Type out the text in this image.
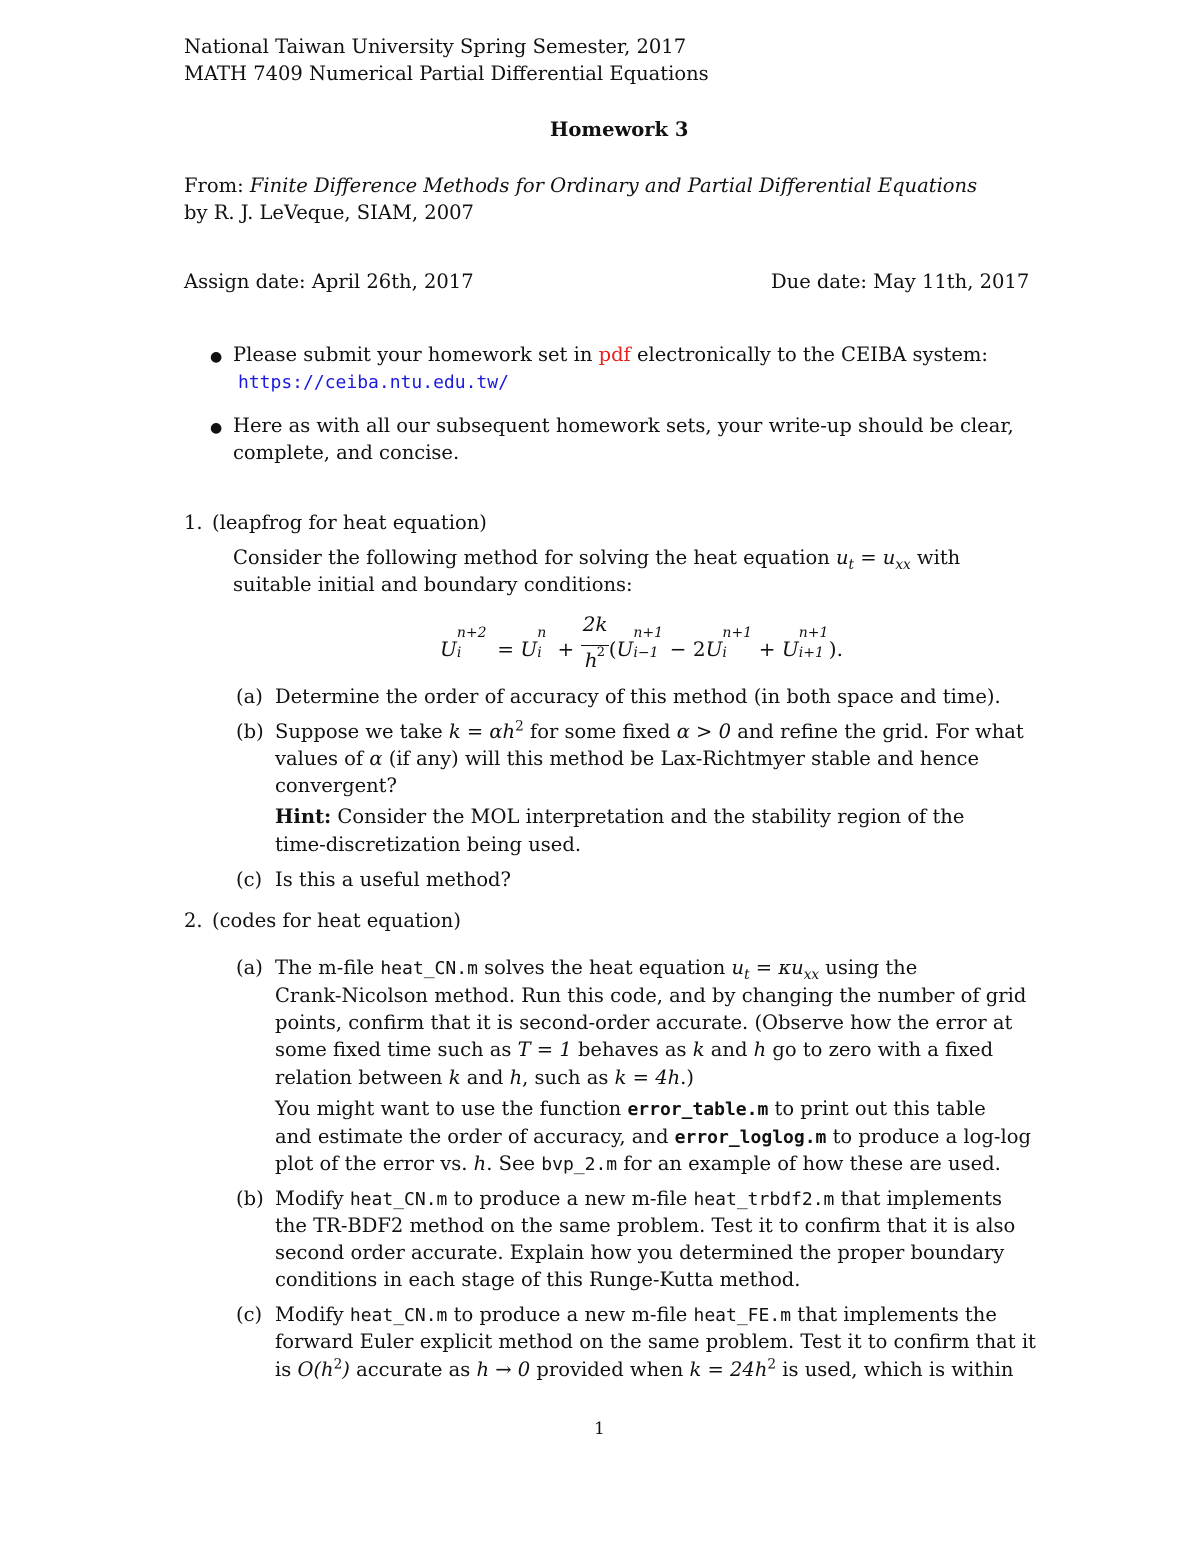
National Taiwan University Spring Semester, 2017
MATH 7409 Numerical Partial Differential Equations
Homework 3
From: Finite Difference Methods for Ordinary and Partial Differential Equations
by R. J. LeVeque, SIAM, 2007
Assign date: April 26th, 2017	Due date: May 11th, 2017
● Please submit your homework set in pdf electronically to the CEIBA system:
https://ceiba.ntu.edu.tw/
● Here as with all our subsequent homework sets, your write-up should be clear,
complete, and concise.
1. (leapfrog for heat equation)
Consider the following method for solving the heat equation $u_t = u_{xx}$ with
suitable initial and boundary conditions:
U
n+2
i = U
n
i +
2k
h 2 (U
n+1
i−1 − 2U
n+1
i + U
n+1
i+1 ).
(a) Determine the order of accuracy of this method (in both space and time).
(b) Suppose we take $k = \alpha h^2$ for some fixed α > 0 and refine the grid. For what
values of α (if any) will this method be Lax-Richtmyer stable and hence
convergent?
Hint: Consider the MOL interpretation and the stability region of the
time-discretization being used.
(c) Is this a useful method?
2. (codes for heat equation)
(a) The m-file heat_CN.m solves the heat equation $u_t = \kappa u_{xx}$ using the
Crank-Nicolson method. Run this code, and by changing the number of grid
points, confirm that it is second-order accurate. (Observe how the error at
some fixed time such as T = 1 behaves as k and h go to zero with a fixed
relation between k and h, such as k = 4h.)
You might want to use the function error_table.m to print out this table
and estimate the order of accuracy, and error_loglog.m to produce a log-log
plot of the error vs. h. See bvp_2.m for an example of how these are used.
(b) Modify heat_CN.m to produce a new m-file heat_trbdf2.m that implements
the TR-BDF2 method on the same problem. Test it to confirm that it is also
second order accurate. Explain how you determined the proper boundary
conditions in each stage of this Runge-Kutta method.
(c) Modify heat_CN.m to produce a new m-file heat_FE.m that implements the
forward Euler explicit method on the same problem. Test it to confirm that it
is $O(h^2)$ accurate as h → 0 provided when $k = 24h^2$ is used, which is within
1
